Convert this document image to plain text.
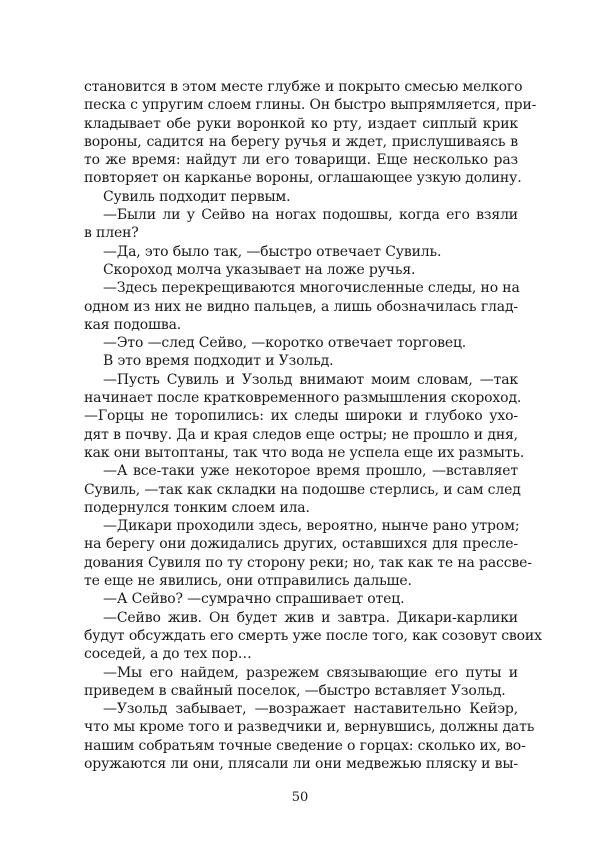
становится в этом месте глубже и покрыто смесью мелкого
песка с упругим слоем глины. Он быстро выпрямляется, при-
кладывает обе руки воронкой ко рту, издает сиплый крик
вороны, садится на берегу ручья и ждет, прислушиваясь в
то же время: найдут ли его товарищи. Еще несколько раз
повторяет он карканье вороны, оглашающее узкую долину.
Сувиль подходит первым.
—Были ли у Сейво на ногах подошвы, когда его взяли
в плен?
—Да, это было так, —быстро отвечает Сувиль.
Скороход молча указывает на ложе ручья.
—Здесь перекрещиваются многочисленные следы, но на
одном из них не видно пальцев, а лишь обозначилась глад-
кая подошва.
—Это —след Сейво, —коротко отвечает торговец.
В это время подходит и Узольд.
—Пусть Сувиль и Узольд внимают моим словам, —так
начинает после кратковременного размышления скороход.
—Горцы не торопились: их следы широки и глубоко ухо-
дят в почву. Да и края следов еще остры; не прошло и дня,
как они вытоптаны, так что вода не успела еще их размыть.
—А все-таки уже некоторое время прошло, —вставляет
Сувиль, —так как складки на подошве стерлись, и сам след
подернулся тонким слоем ила.
—Дикари проходили здесь, вероятно, нынче рано утром;
на берегу они дожидались других, оставшихся для пресле-
дования Сувиля по ту сторону реки; но, так как те на рассве-
те еще не явились, они отправились дальше.
—А Сейво? —сумрачно спрашивает отец.
—Сейво жив. Он будет жив и завтра. Дикари-карлики
будут обсуждать его смерть уже после того, как созовут своих
соседей, а до тех пор…
—Мы его найдем, разрежем связывающие его путы и
приведем в свайный поселок, —быстро вставляет Узольд.
—Узольд забывает, —возражает наставительно Кейэр,
что мы кроме того и разведчики и, вернувшись, должны дать
нашим собратьям точные сведение о горцах: сколько их, во-
оружаются ли они, плясали ли они медвежью пляску и вы-
50
